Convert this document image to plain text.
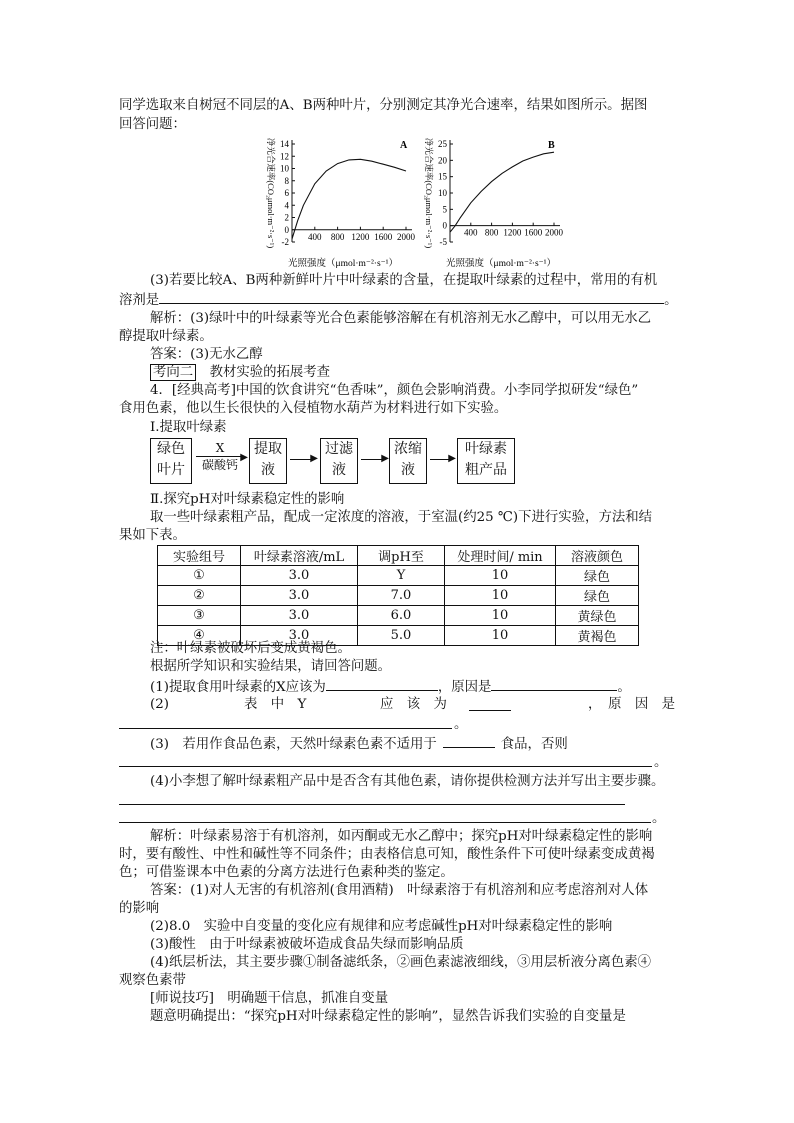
同学选取来自树冠不同层的A、B两种叶片，分别测定其净光合速率，结果如图所示。据图
回答问题：
-2
0
2
4
6
8
10
12
14
400 800 1200 1600 2000
A
光照强度（μmol·m⁻²·s⁻¹）
净光合速率(CO₂μmol·m⁻²·s⁻¹)	-5
0
5
10
15
20
25
400 800 1200 1600 2000
B
光照强度（μmol·m⁻²·s⁻¹）
净光合速率(CO₂μmol·m⁻²·s⁻¹)
(3)若要比较A、B两种新鲜叶片中叶绿素的含量，在提取叶绿素的过程中，常用的有机
溶剂是	。
解析：(3)绿叶中的叶绿素等光合色素能够溶解在有机溶剂无水乙醇中，可以用无水乙
醇提取叶绿素。
答案：(3)无水乙醇
考向二　 教材实验的拓展考查
4．[经典高考]中国的饮食讲究“色香味”，颜色会影响消费。小李同学拟研发“绿色”
食用色素，他以生长很快的入侵植物水葫芦为材料进行如下实验。
Ⅰ.提取叶绿素
绿色
叶片
X
▶
碳酸钙
提取
液
▶
过滤
液
▶
浓缩
液
▶
叶绿素
粗产品
Ⅱ.探究pH对叶绿素稳定性的影响
取一些叶绿素粗产品，配成一定浓度的溶液，于室温(约25 ℃)下进行实验，方法和结
果如下表。
实验组号	叶绿素溶液/mL	调pH至	处理时间/ min	溶液颜色
①	3.0	Y	10	绿色
②	3.0	7.0	10	绿色
③	3.0	6.0	10	黄绿色
④	3.0	5.0	10	黄褐色
注：叶绿素被破坏后变成黄褐色。
根据所学知识和实验结果，请回答问题。
(1)提取食用叶绿素的X应该为	，原因是	。
(2)	表　中　Y	应　该　为	，　原　因　是
。
(3)　若用作食品色素，天然叶绿素色素不适用于	食品，否则
。
(4)小李想了解叶绿素粗产品中是否含有其他色素，请你提供检测方法并写出主要步骤。
。
解析：叶绿素易溶于有机溶剂，如丙酮或无水乙醇中；探究pH对叶绿素稳定性的影响
时，要有酸性、中性和碱性等不同条件；由表格信息可知，酸性条件下可使叶绿素变成黄褐
色；可借鉴课本中色素的分离方法进行色素种类的鉴定。
答案：(1)对人无害的有机溶剂(食用酒精)　叶绿素溶于有机溶剂和应考虑溶剂对人体
的影响
(2)8.0　实验中自变量的变化应有规律和应考虑碱性pH对叶绿素稳定性的影响
(3)酸性　由于叶绿素被破坏造成食品失绿而影响品质
(4)纸层析法，其主要步骤①制备滤纸条，②画色素滤液细线，③用层析液分离色素④
观察色素带
[师说技巧]　明确题干信息，抓准自变量
题意明确提出：“探究pH对叶绿素稳定性的影响”，显然告诉我们实验的自变量是
